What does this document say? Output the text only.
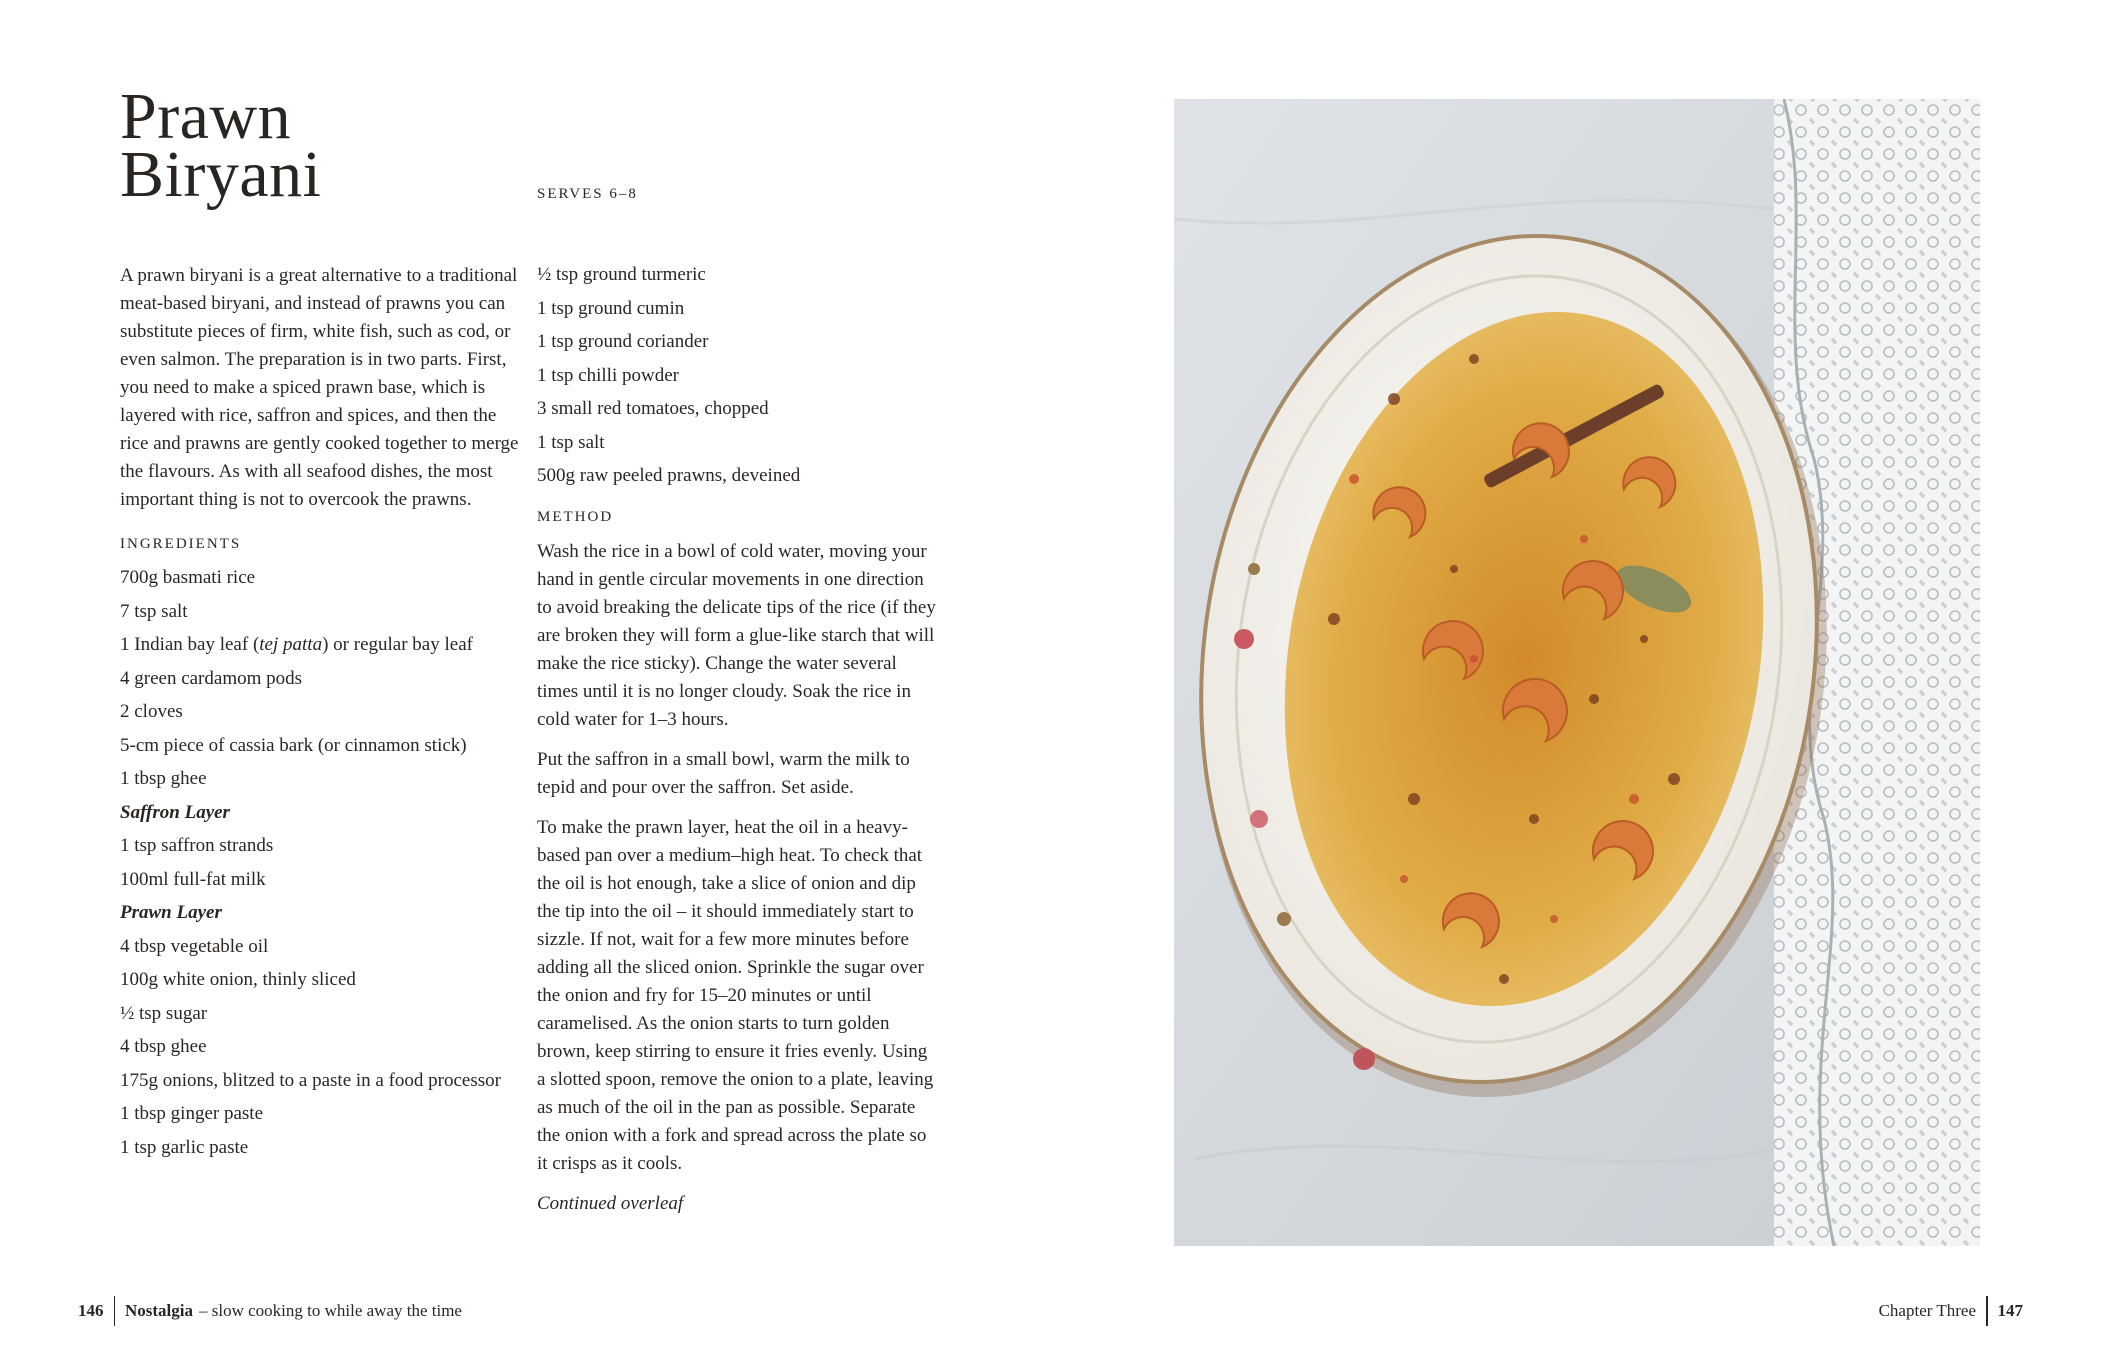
Prawn
Biryani	SERVES 6–8

A prawn biryani is a great alternative to a traditional meat-based biryani, and instead of prawns you can substitute pieces of firm, white fish, such as cod, or even salmon. The preparation is in two parts. First, you need to make a spiced prawn base, which is layered with rice, saffron and spices, and then the rice and prawns are gently cooked together to merge the flavours. As with all seafood dishes, the most important thing is not to overcook the prawns.

INGREDIENTS
700g basmati rice
7 tsp salt
1 Indian bay leaf (tej patta) or regular bay leaf
4 green cardamom pods
2 cloves
5-cm piece of cassia bark (or cinnamon stick)
1 tbsp ghee
Saffron Layer
1 tsp saffron strands
100ml full-fat milk
Prawn Layer
4 tbsp vegetable oil
100g white onion, thinly sliced
½ tsp sugar
4 tbsp ghee
175g onions, blitzed to a paste in a food processor
1 tbsp ginger paste
1 tsp garlic paste
½ tsp ground turmeric
1 tsp ground cumin
1 tsp ground coriander
1 tsp chilli powder
3 small red tomatoes, chopped
1 tsp salt
500g raw peeled prawns, deveined
METHOD

Wash the rice in a bowl of cold water, moving your hand in gentle circular movements in one direction to avoid breaking the delicate tips of the rice (if they are broken they will form a glue-like starch that will make the rice sticky). Change the water several times until it is no longer cloudy. Soak the rice in cold water for 1–3 hours.

Put the saffron in a small bowl, warm the milk to tepid and pour over the saffron. Set aside.

To make the prawn layer, heat the oil in a heavy-based pan over a medium–high heat. To check that the oil is hot enough, take a slice of onion and dip the tip into the oil – it should immediately start to sizzle. If not, wait for a few more minutes before adding all the sliced onion. Sprinkle the sugar over the onion and fry for 15–20 minutes or until caramelised. As the onion starts to turn golden brown, keep stirring to ensure it fries evenly. Using a slotted spoon, remove the onion to a plate, leaving as much of the oil in the pan as possible. Separate the onion with a fork and spread across the plate so it crisps as it cools.

Continued overleaf

146 Nostalgia – slow cooking to while away the time	Chapter Three 147
